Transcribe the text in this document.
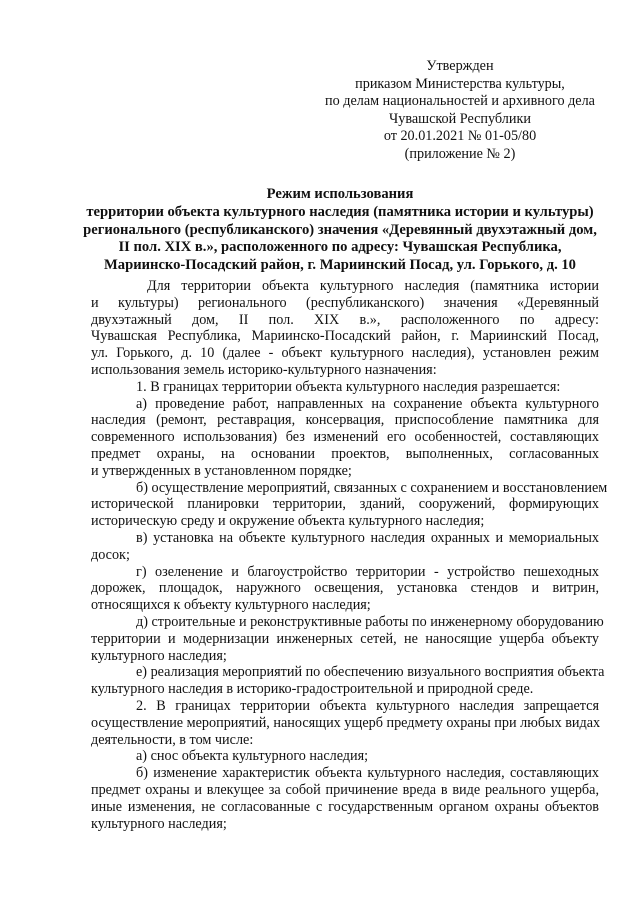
Утвержден
приказом Министерства культуры,
по делам национальностей и архивного дела
Чувашской Республики
от 20.01.2021 № 01-05/80
(приложение № 2)
Режим использования
территории объекта культурного наследия (памятника истории и культуры)
регионального (республиканского) значения «Деревянный двухэтажный дом,
II пол. XIX в.», расположенного по адресу: Чувашская Республика,
Мариинско-Посадский район, г. Мариинский Посад, ул. Горького, д. 10
Для территории объекта культурного наследия (памятника истории
и культуры) регионального (республиканского) значения «Деревянный
двухэтажный дом, II пол. XIX в.», расположенного по адресу:
Чувашская Республика, Мариинско-Посадский район, г. Мариинский Посад,
ул. Горького, д. 10 (далее - объект культурного наследия), установлен режим
использования земель историко-культурного назначения:
1. В границах территории объекта культурного наследия разрешается:
а) проведение работ, направленных на сохранение объекта культурного
наследия (ремонт, реставрация, консервация, приспособление памятника для
современного использования) без изменений его особенностей, составляющих
предмет охраны, на основании проектов, выполненных, согласованных
и утвержденных в установленном порядке;
б) осуществление мероприятий, связанных с сохранением и восстановлением
исторической планировки территории, зданий, сооружений, формирующих
историческую среду и окружение объекта культурного наследия;
в) установка на объекте культурного наследия охранных и мемориальных
досок;
г) озеленение и благоустройство территории - устройство пешеходных
дорожек, площадок, наружного освещения, установка стендов и витрин,
относящихся к объекту культурного наследия;
д) строительные и реконструктивные работы по инженерному оборудованию
территории и модернизации инженерных сетей, не наносящие ущерба объекту
культурного наследия;
е) реализация мероприятий по обеспечению визуального восприятия объекта
культурного наследия в историко-градостроительной и природной среде.
2. В границах территории объекта культурного наследия запрещается
осуществление мероприятий, наносящих ущерб предмету охраны при любых видах
деятельности, в том числе:
а) снос объекта культурного наследия;
б) изменение характеристик объекта культурного наследия, составляющих
предмет охраны и влекущее за собой причинение вреда в виде реального ущерба,
иные изменения, не согласованные с государственным органом охраны объектов
культурного наследия;
